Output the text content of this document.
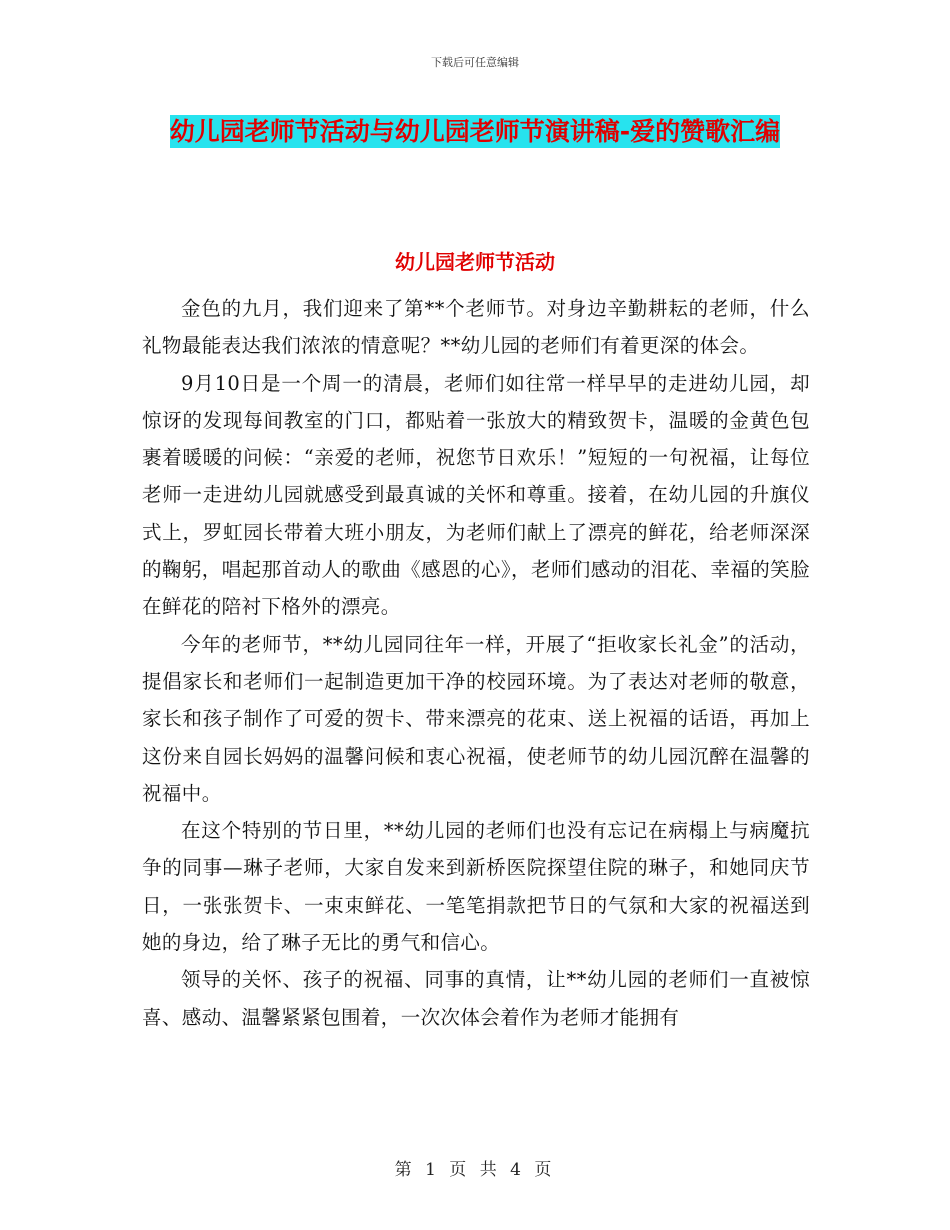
下载后可任意编辑
幼儿园老师节活动与幼儿园老师节演讲稿-爱的赞歌汇编
幼儿园老师节活动

金色的九月，我们迎来了第**个老师节。对身边辛勤耕耘的老师，什么礼物最能表达我们浓浓的情意呢？**幼儿园的老师们有着更深的体会。

9月10日是一个周一的清晨，老师们如往常一样早早的走进幼儿园，却惊讶的发现每间教室的门口，都贴着一张放大的精致贺卡，温暖的金黄色包裹着暖暖的问候：“亲爱的老师，祝您节日欢乐！”短短的一句祝福，让每位老师一走进幼儿园就感受到最真诚的关怀和尊重。接着，在幼儿园的升旗仪式上，罗虹园长带着大班小朋友，为老师们献上了漂亮的鲜花，给老师深深的鞠躬，唱起那首动人的歌曲《感恩的心》，老师们感动的泪花、幸福的笑脸在鲜花的陪衬下格外的漂亮。

今年的老师节，**幼儿园同往年一样，开展了“拒收家长礼金”的活动，提倡家长和老师们一起制造更加干净的校园环境。为了表达对老师的敬意，家长和孩子制作了可爱的贺卡、带来漂亮的花束、送上祝福的话语，再加上这份来自园长妈妈的温馨问候和衷心祝福，使老师节的幼儿园沉醉在温馨的祝福中。

在这个特别的节日里，**幼儿园的老师们也没有忘记在病榻上与病魔抗争的同事—琳子老师，大家自发来到新桥医院探望住院的琳子，和她同庆节日，一张张贺卡、一束束鲜花、一笔笔捐款把节日的气氛和大家的祝福送到她的身边，给了琳子无比的勇气和信心。

领导的关怀、孩子的祝福、同事的真情，让**幼儿园的老师们一直被惊喜、感动、温馨紧紧包围着，一次次体会着作为老师才能拥有

第 1 页 共 4 页
